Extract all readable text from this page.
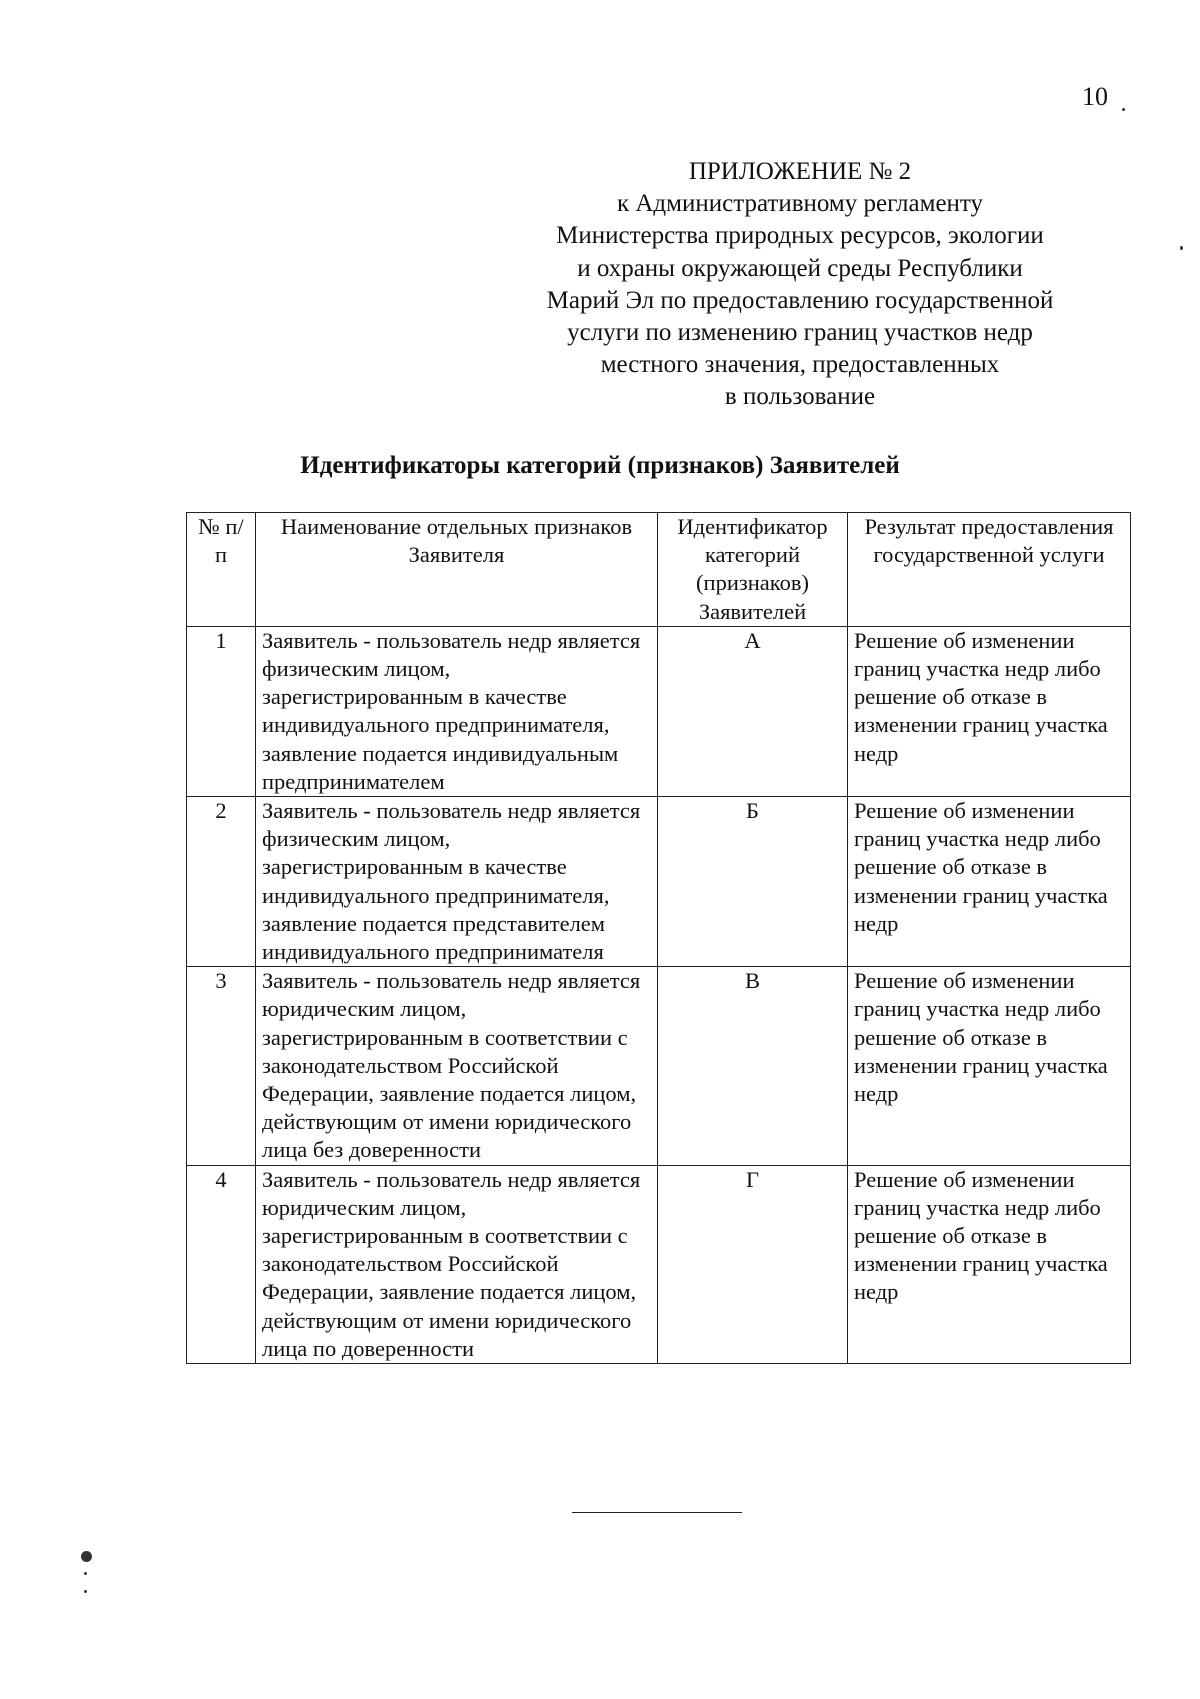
10
ПРИЛОЖЕНИЕ № 2
к Административному регламенту
Министерства природных ресурсов, экологии
и охраны окружающей среды Республики
Марий Эл по предоставлению государственной
услуги по изменению границ участков недр
местного значения, предоставленных
в пользование
Идентификаторы категорий (признаков) Заявителей
№ п/п	Наименование отдельных признаков Заявителя	Идентификатор категорий (признаков) Заявителей	Результат предоставления государственной услуги
1	Заявитель - пользователь недр является физическим лицом, зарегистрированным в качестве индивидуального предпринимателя, заявление подается индивидуальным предпринимателем	А	Решение об изменении границ участка недр либо решение об отказе в изменении границ участка недр
2	Заявитель - пользователь недр является физическим лицом, зарегистрированным в качестве индивидуального предпринимателя, заявление подается представителем индивидуального предпринимателя	Б	Решение об изменении границ участка недр либо решение об отказе в изменении границ участка недр
3	Заявитель - пользователь недр является юридическим лицом, зарегистрированным в соответствии с законодательством Российской Федерации, заявление подается лицом, действующим от имени юридического лица без доверенности	В	Решение об изменении границ участка недр либо решение об отказе в изменении границ участка недр
4	Заявитель - пользователь недр является юридическим лицом, зарегистрированным в соответствии с законодательством Российской Федерации, заявление подается лицом, действующим от имени юридического лица по доверенности	Г	Решение об изменении границ участка недр либо решение об отказе в изменении границ участка недр
